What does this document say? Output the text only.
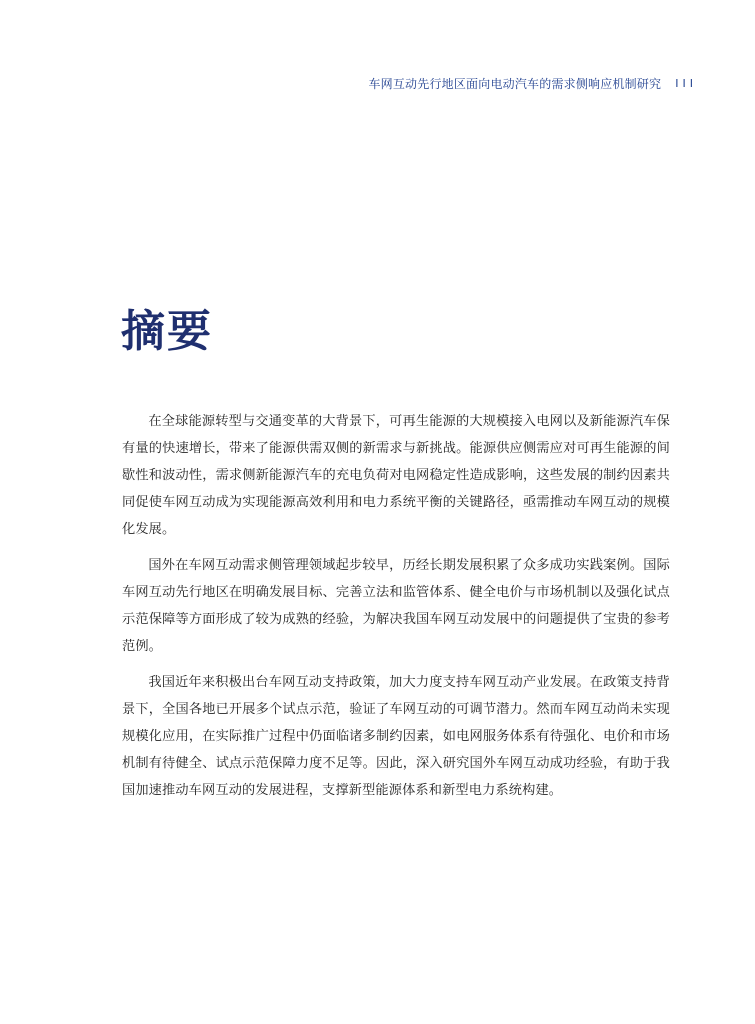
车网互动先行地区面向电动汽车的需求侧响应机制研究 III
摘要

在全球能源转型与交通变革的大背景下，可再生能源的大规模接入电网以及新能源汽车保有量的快速增长，带来了能源供需双侧的新需求与新挑战。能源供应侧需应对可再生能源的间歇性和波动性，需求侧新能源汽车的充电负荷对电网稳定性造成影响，这些发展的制约因素共同促使车网互动成为实现能源高效利用和电力系统平衡的关键路径，亟需推动车网互动的规模化发展。

国外在车网互动需求侧管理领域起步较早，历经长期发展积累了众多成功实践案例。国际车网互动先行地区在明确发展目标、完善立法和监管体系、健全电价与市场机制以及强化试点示范保障等方面形成了较为成熟的经验，为解决我国车网互动发展中的问题提供了宝贵的参考范例。

我国近年来积极出台车网互动支持政策，加大力度支持车网互动产业发展。在政策支持背景下，全国各地已开展多个试点示范，验证了车网互动的可调节潜力。然而车网互动尚未实现规模化应用，在实际推广过程中仍面临诸多制约因素，如电网服务体系有待强化、电价和市场机制有待健全、试点示范保障力度不足等。因此，深入研究国外车网互动成功经验，有助于我国加速推动车网互动的发展进程，支撑新型能源体系和新型电力系统构建。
